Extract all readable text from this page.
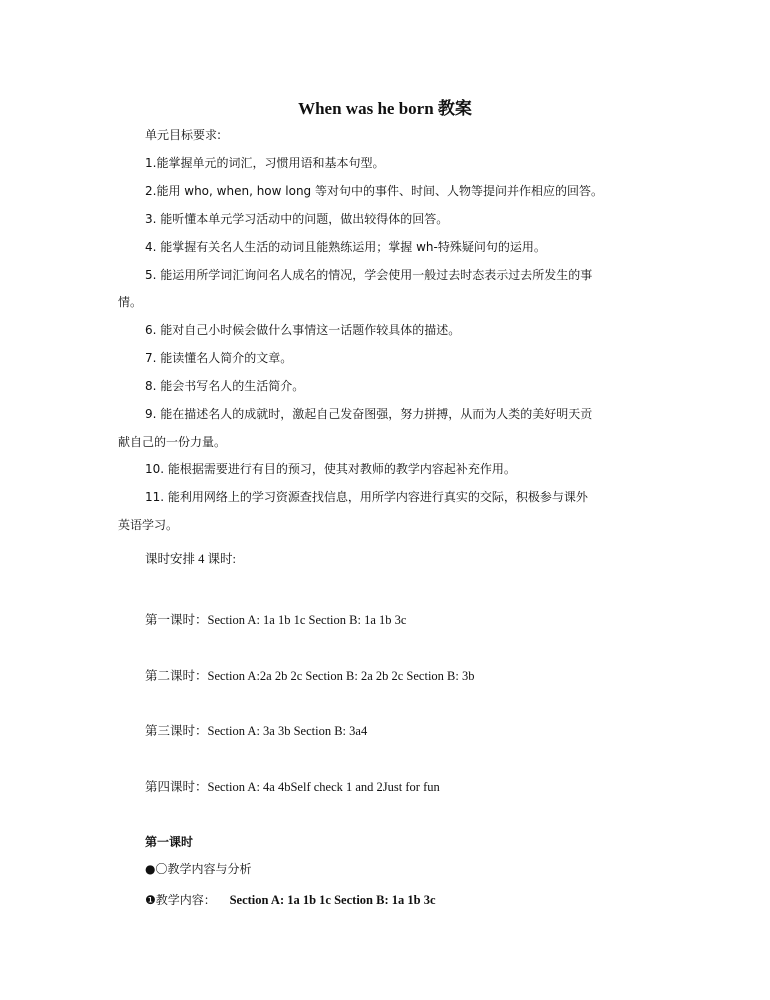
When was he born 教案
单元目标要求:
1.能掌握单元的词汇，习惯用语和基本句型。
2.能用 who, when, how long 等对句中的事件、时间、人物等提问并作相应的回答。
3. 能听懂本单元学习活动中的问题，做出较得体的回答。
4. 能掌握有关名人生活的动词且能熟练运用；掌握 wh-特殊疑问句的运用。
5. 能运用所学词汇询问名人成名的情况，学会使用一般过去时态表示过去所发生的事
情。
6. 能对自己小时候会做什么事情这一话题作较具体的描述。
7. 能读懂名人简介的文章。
8. 能会书写名人的生活简介。
9. 能在描述名人的成就时，激起自己发奋图强，努力拼搏，从而为人类的美好明天贡
献自己的一份力量。
10. 能根据需要进行有目的预习，使其对教师的教学内容起补充作用。
11. 能利用网络上的学习资源查找信息，用所学内容进行真实的交际，积极参与课外
英语学习。
课时安排 4 课时:
第一课时：Section A: 1a 1b 1c Section B: 1a 1b 3c
第二课时：Section A:2a 2b 2c Section B: 2a 2b 2c Section B: 3b
第三课时：Section A: 3a 3b Section B: 3a4
第四课时：Section A: 4a 4bSelf check 1 and 2Just for fun
第一课时
●〇教学内容与分析
❶教学内容： Section A: 1a 1b 1c Section B: 1a 1b 3c
